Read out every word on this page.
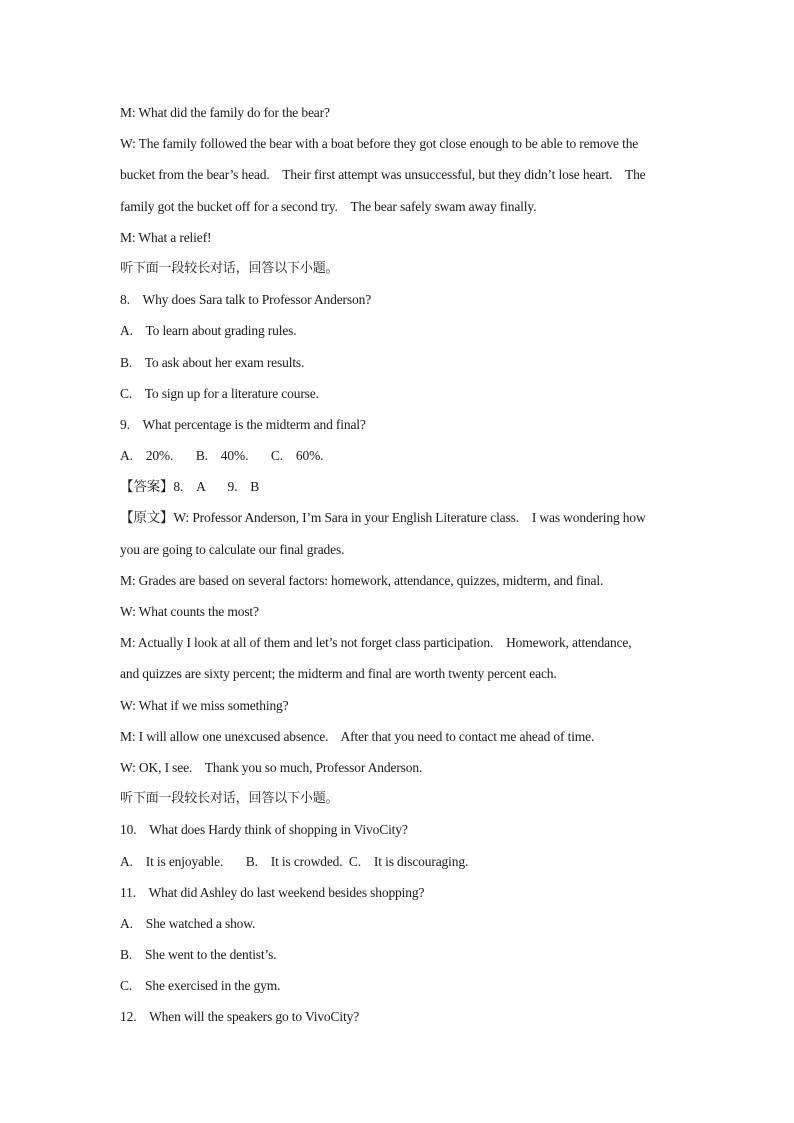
M: What did the family do for the bear?
W: The family followed the bear with a boat before they got close enough to be able to remove the
bucket from the bear’s head.    Their first attempt was unsuccessful, but they didn’t lose heart.    The
family got the bucket off for a second try.    The bear safely swam away finally.
M: What a relief!
听下面一段较长对话，回答以下小题。
8.    Why does Sara talk to Professor Anderson?
A.    To learn about grading rules.
B.    To ask about her exam results.
C.    To sign up for a literature course.
9.    What percentage is the midterm and final?
A.    20%.       B.    40%.       C.    60%.
【答案】8.    A       9.    B
【原文】W: Professor Anderson, I’m Sara in your English Literature class.    I was wondering how
you are going to calculate our final grades.
M: Grades are based on several factors: homework, attendance, quizzes, midterm, and final.
W: What counts the most?
M: Actually I look at all of them and let’s not forget class participation.    Homework, attendance,
and quizzes are sixty percent; the midterm and final are worth twenty percent each.
W: What if we miss something?
M: I will allow one unexcused absence.    After that you need to contact me ahead of time.
W: OK, I see.    Thank you so much, Professor Anderson.
听下面一段较长对话，回答以下小题。
10.    What does Hardy think of shopping in VivoCity?
A.    It is enjoyable.       B.    It is crowded.  C.    It is discouraging.
11.    What did Ashley do last weekend besides shopping?
A.    She watched a show.
B.    She went to the dentist’s.
C.    She exercised in the gym.
12.    When will the speakers go to VivoCity?
